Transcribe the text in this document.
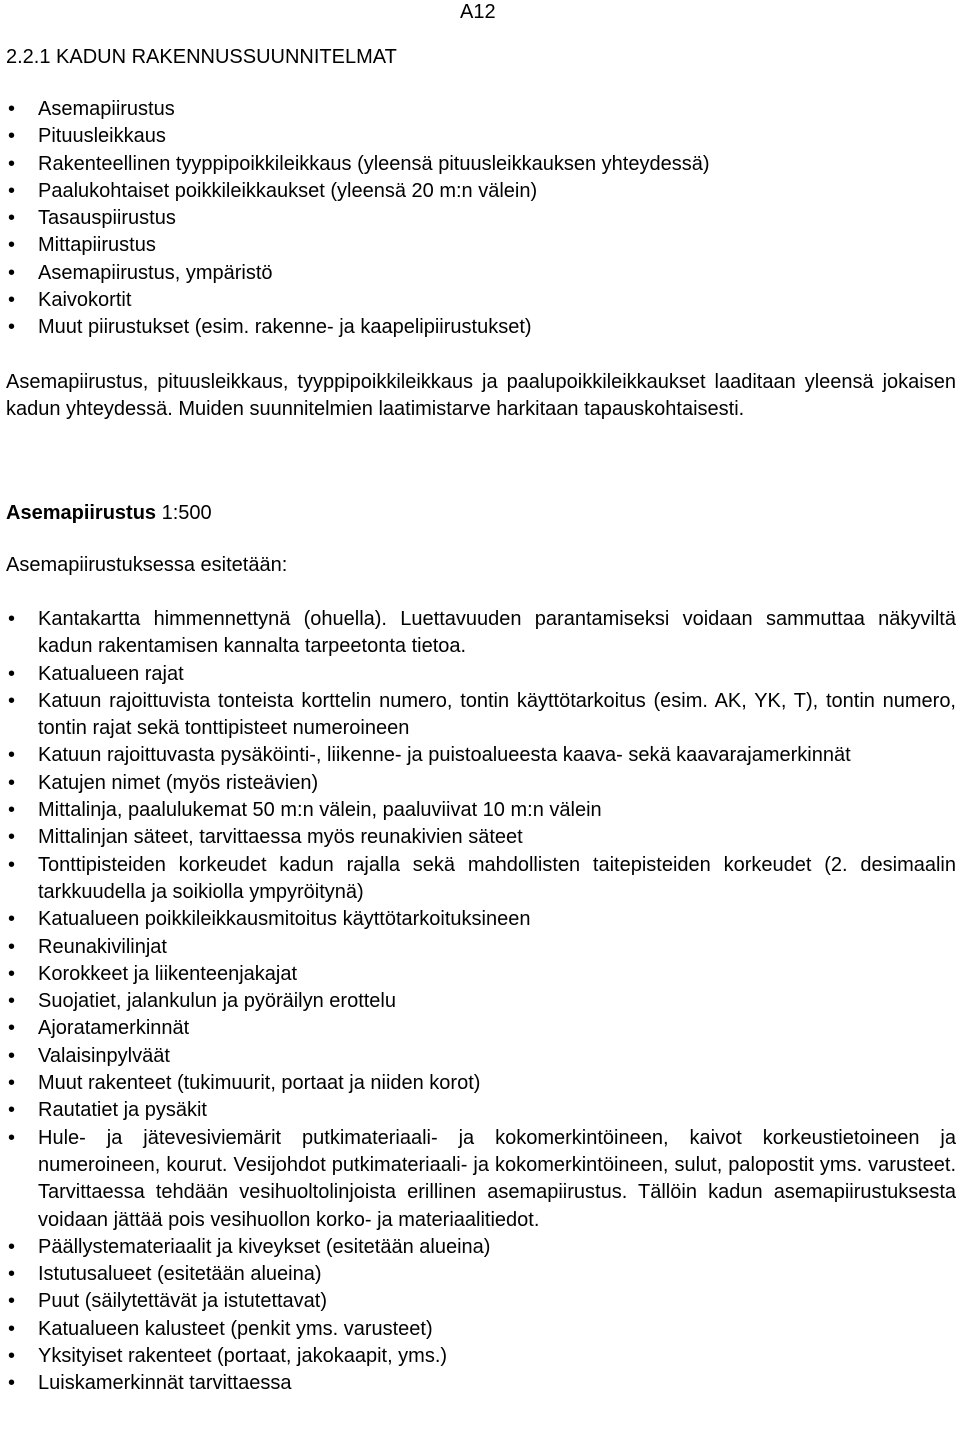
A12
2.2.1 KADUN RAKENNUSSUUNNITELMAT
• Asemapiirustus
• Pituusleikkaus
• Rakenteellinen tyyppipoikkileikkaus (yleensä pituusleikkauksen yhteydessä)
• Paalukohtaiset poikkileikkaukset (yleensä 20 m:n välein)
• Tasauspiirustus
• Mittapiirustus
• Asemapiirustus, ympäristö
• Kaivokortit
• Muut piirustukset (esim. rakenne- ja kaapelipiirustukset)
Asemapiirustus, pituusleikkaus, tyyppipoikkileikkaus ja paalupoikkileikkaukset laaditaan yleensä jokaisen kadun yhteydessä. Muiden suunnitelmien laatimistarve harkitaan tapauskohtaisesti.
Asemapiirustus 1:500
Asemapiirustuksessa esitetään:
• Kantakartta himmennettynä (ohuella). Luettavuuden parantamiseksi voidaan sammuttaa näkyviltä kadun rakentamisen kannalta tarpeetonta tietoa.
• Katualueen rajat
• Katuun rajoittuvista tonteista korttelin numero, tontin käyttötarkoitus (esim. AK, YK, T), tontin numero, tontin rajat sekä tonttipisteet numeroineen
• Katuun rajoittuvasta pysäköinti-, liikenne- ja puistoalueesta kaava- sekä kaavarajamerkinnät
• Katujen nimet (myös risteävien)
• Mittalinja, paalulukemat 50 m:n välein, paaluviivat 10 m:n välein
• Mittalinjan säteet, tarvittaessa myös reunakivien säteet
• Tonttipisteiden korkeudet kadun rajalla sekä mahdollisten taitepisteiden korkeudet (2. desimaalin tarkkuudella ja soikiolla ympyröitynä)
• Katualueen poikkileikkausmitoitus käyttötarkoituksineen
• Reunakivilinjat
• Korokkeet ja liikenteenjakajat
• Suojatiet, jalankulun ja pyöräilyn erottelu
• Ajoratamerkinnät
• Valaisinpylväät
• Muut rakenteet (tukimuurit, portaat ja niiden korot)
• Rautatiet ja pysäkit
• Hule- ja jätevesiviemärit putkimateriaali- ja kokomerkintöineen, kaivot korkeustietoineen ja numeroineen, kourut. Vesijohdot putkimateriaali- ja kokomerkintöineen, sulut, palopostit yms. varusteet. Tarvittaessa tehdään vesihuoltolinjoista erillinen asemapiirustus. Tällöin kadun asemapiirustuksesta voidaan jättää pois vesihuollon korko- ja materiaalitiedot.
• Päällystemateriaalit ja kiveykset (esitetään alueina)
• Istutusalueet (esitetään alueina)
• Puut (säilytettävät ja istutettavat)
• Katualueen kalusteet (penkit yms. varusteet)
• Yksityiset rakenteet (portaat, jakokaapit, yms.)
• Luiskamerkinnät tarvittaessa
